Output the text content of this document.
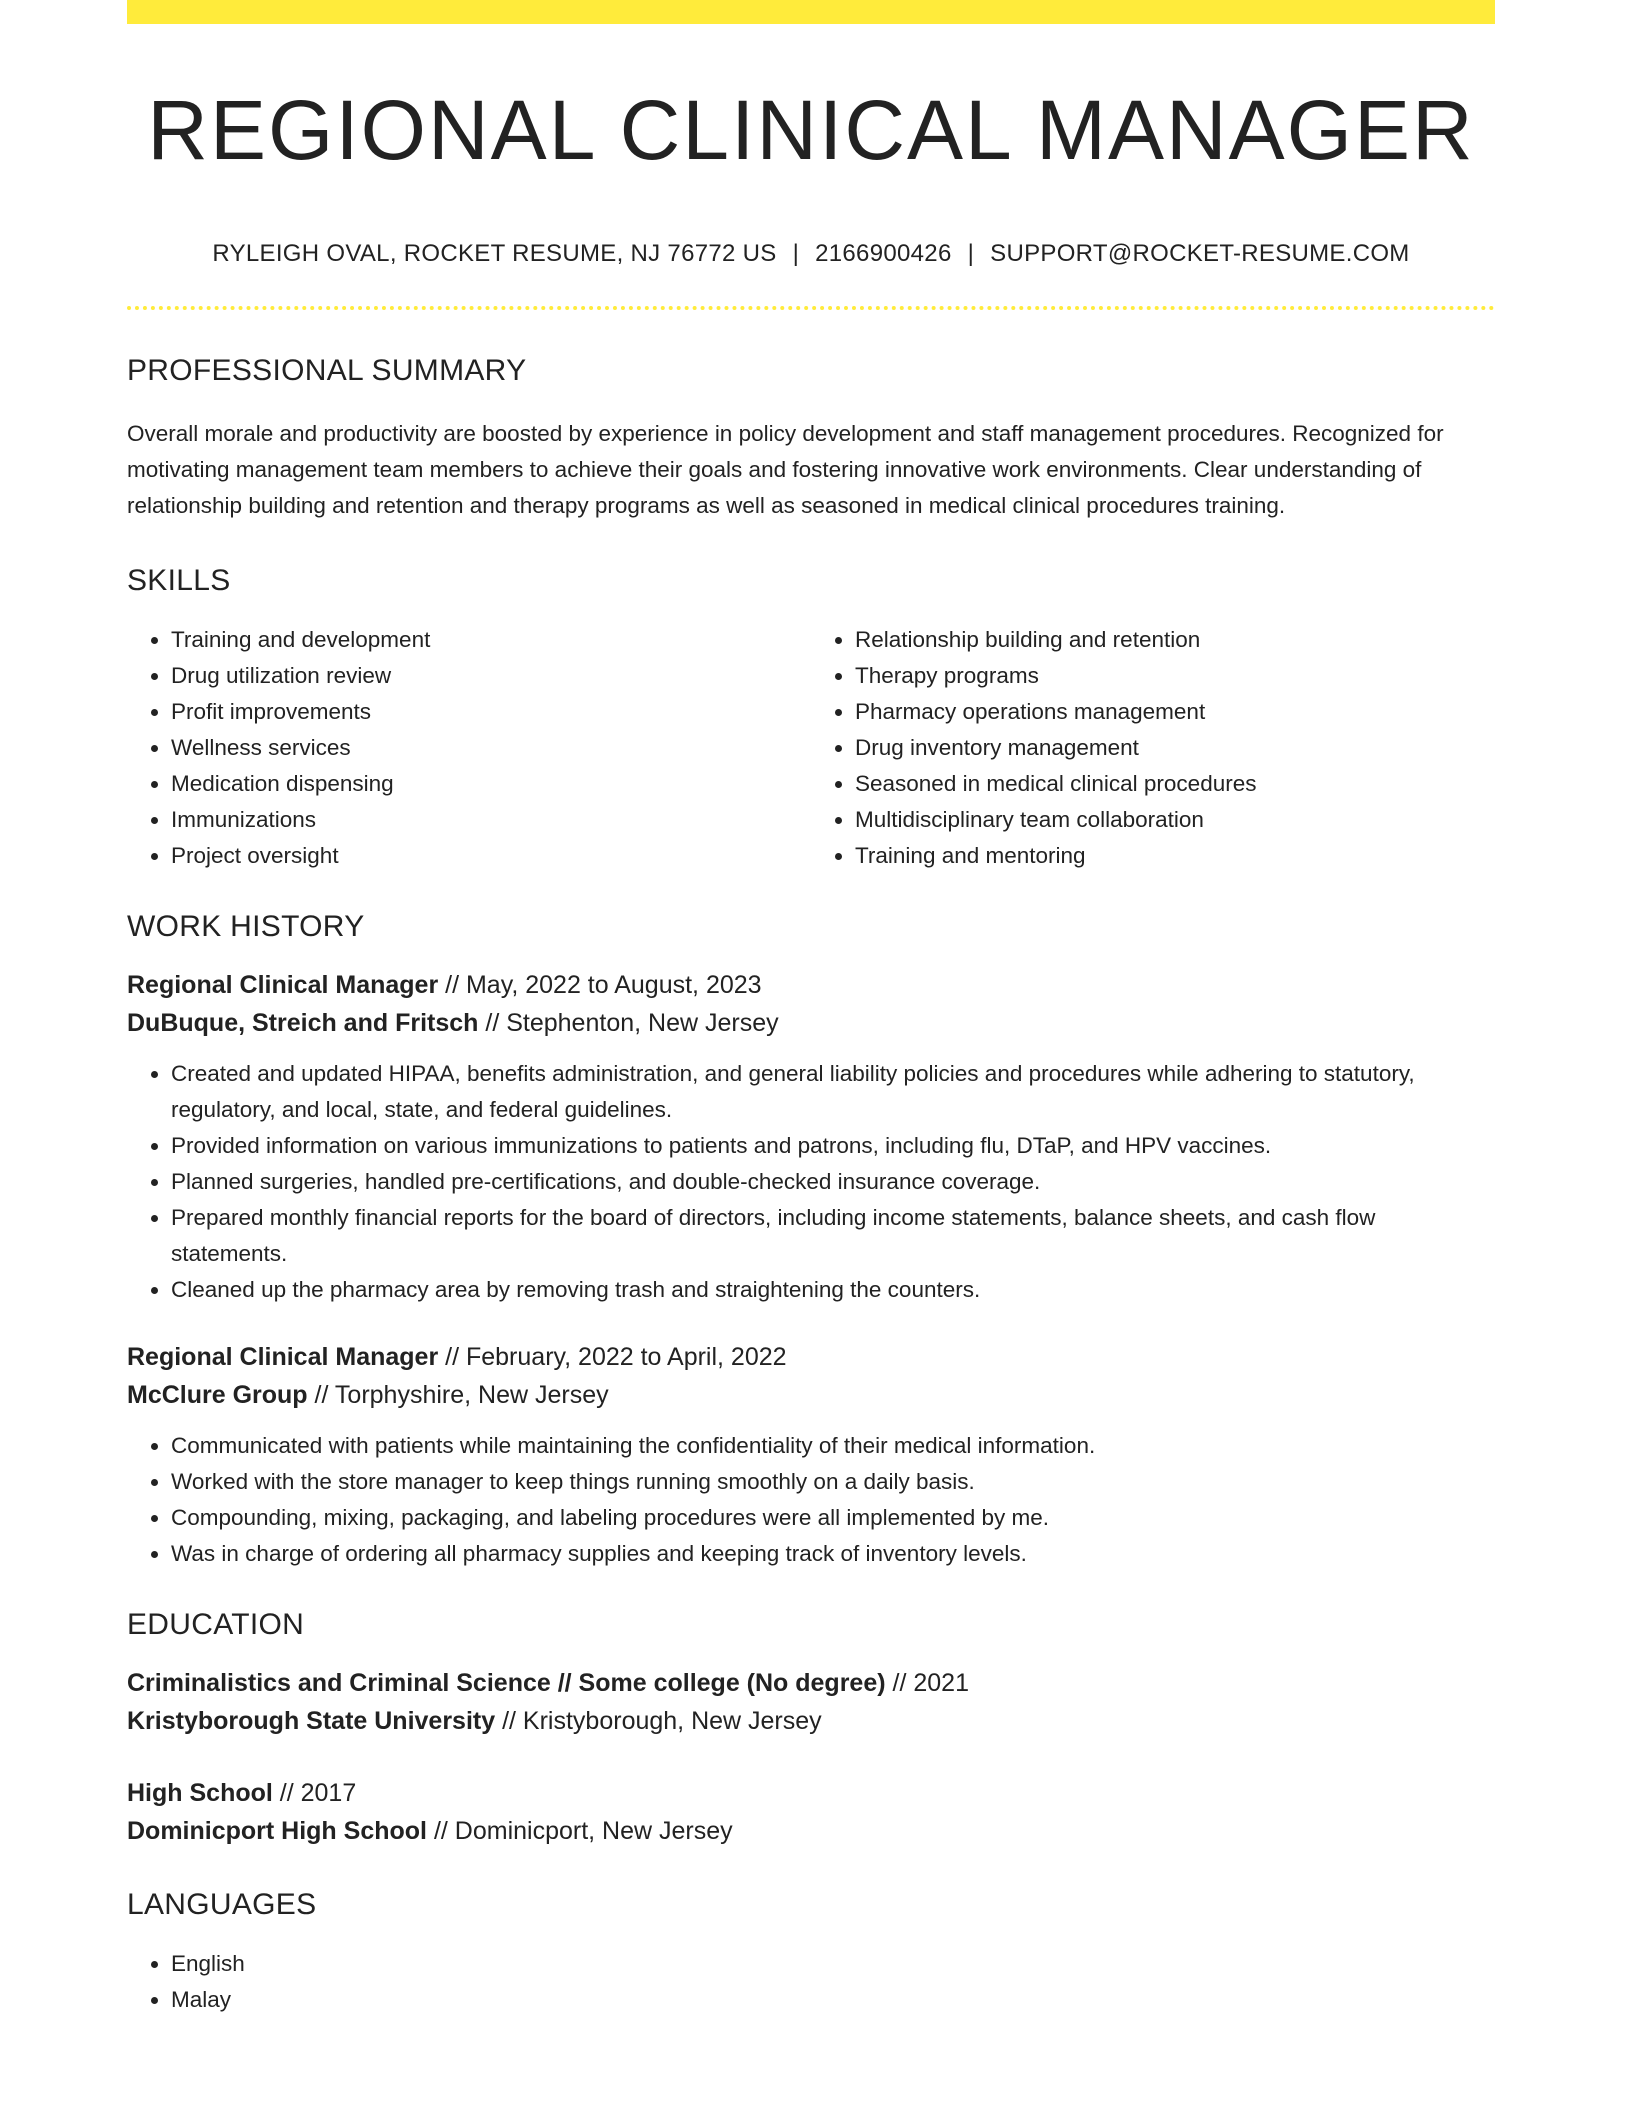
REGIONAL CLINICAL MANAGER
RYLEIGH OVAL, ROCKET RESUME, NJ 76772 US | 2166900426 | SUPPORT@ROCKET-RESUME.COM
PROFESSIONAL SUMMARY

Overall morale and productivity are boosted by experience in policy development and staff management procedures. Recognized for motivating management team members to achieve their goals and fostering innovative work environments. Clear understanding of relationship building and retention and therapy programs as well as seasoned in medical clinical procedures training.

SKILLS
• Training and development
• Drug utilization review
• Profit improvements
• Wellness services
• Medication dispensing
• Immunizations
• Project oversight
• Relationship building and retention
• Therapy programs
• Pharmacy operations management
• Drug inventory management
• Seasoned in medical clinical procedures
• Multidisciplinary team collaboration
• Training and mentoring
WORK HISTORY
Regional Clinical Manager // May, 2022 to August, 2023
DuBuque, Streich and Fritsch // Stephenton, New Jersey
• Created and updated HIPAA, benefits administration, and general liability policies and procedures while adhering to statutory, regulatory, and local, state, and federal guidelines.
• Provided information on various immunizations to patients and patrons, including flu, DTaP, and HPV vaccines.
• Planned surgeries, handled pre-certifications, and double-checked insurance coverage.
• Prepared monthly financial reports for the board of directors, including income statements, balance sheets, and cash flow statements.
• Cleaned up the pharmacy area by removing trash and straightening the counters.
Regional Clinical Manager // February, 2022 to April, 2022
McClure Group // Torphyshire, New Jersey
• Communicated with patients while maintaining the confidentiality of their medical information.
• Worked with the store manager to keep things running smoothly on a daily basis.
• Compounding, mixing, packaging, and labeling procedures were all implemented by me.
• Was in charge of ordering all pharmacy supplies and keeping track of inventory levels.
EDUCATION
Criminalistics and Criminal Science // Some college (No degree) // 2021
Kristyborough State University // Kristyborough, New Jersey
High School // 2017
Dominicport High School // Dominicport, New Jersey
LANGUAGES
• English
• Malay
